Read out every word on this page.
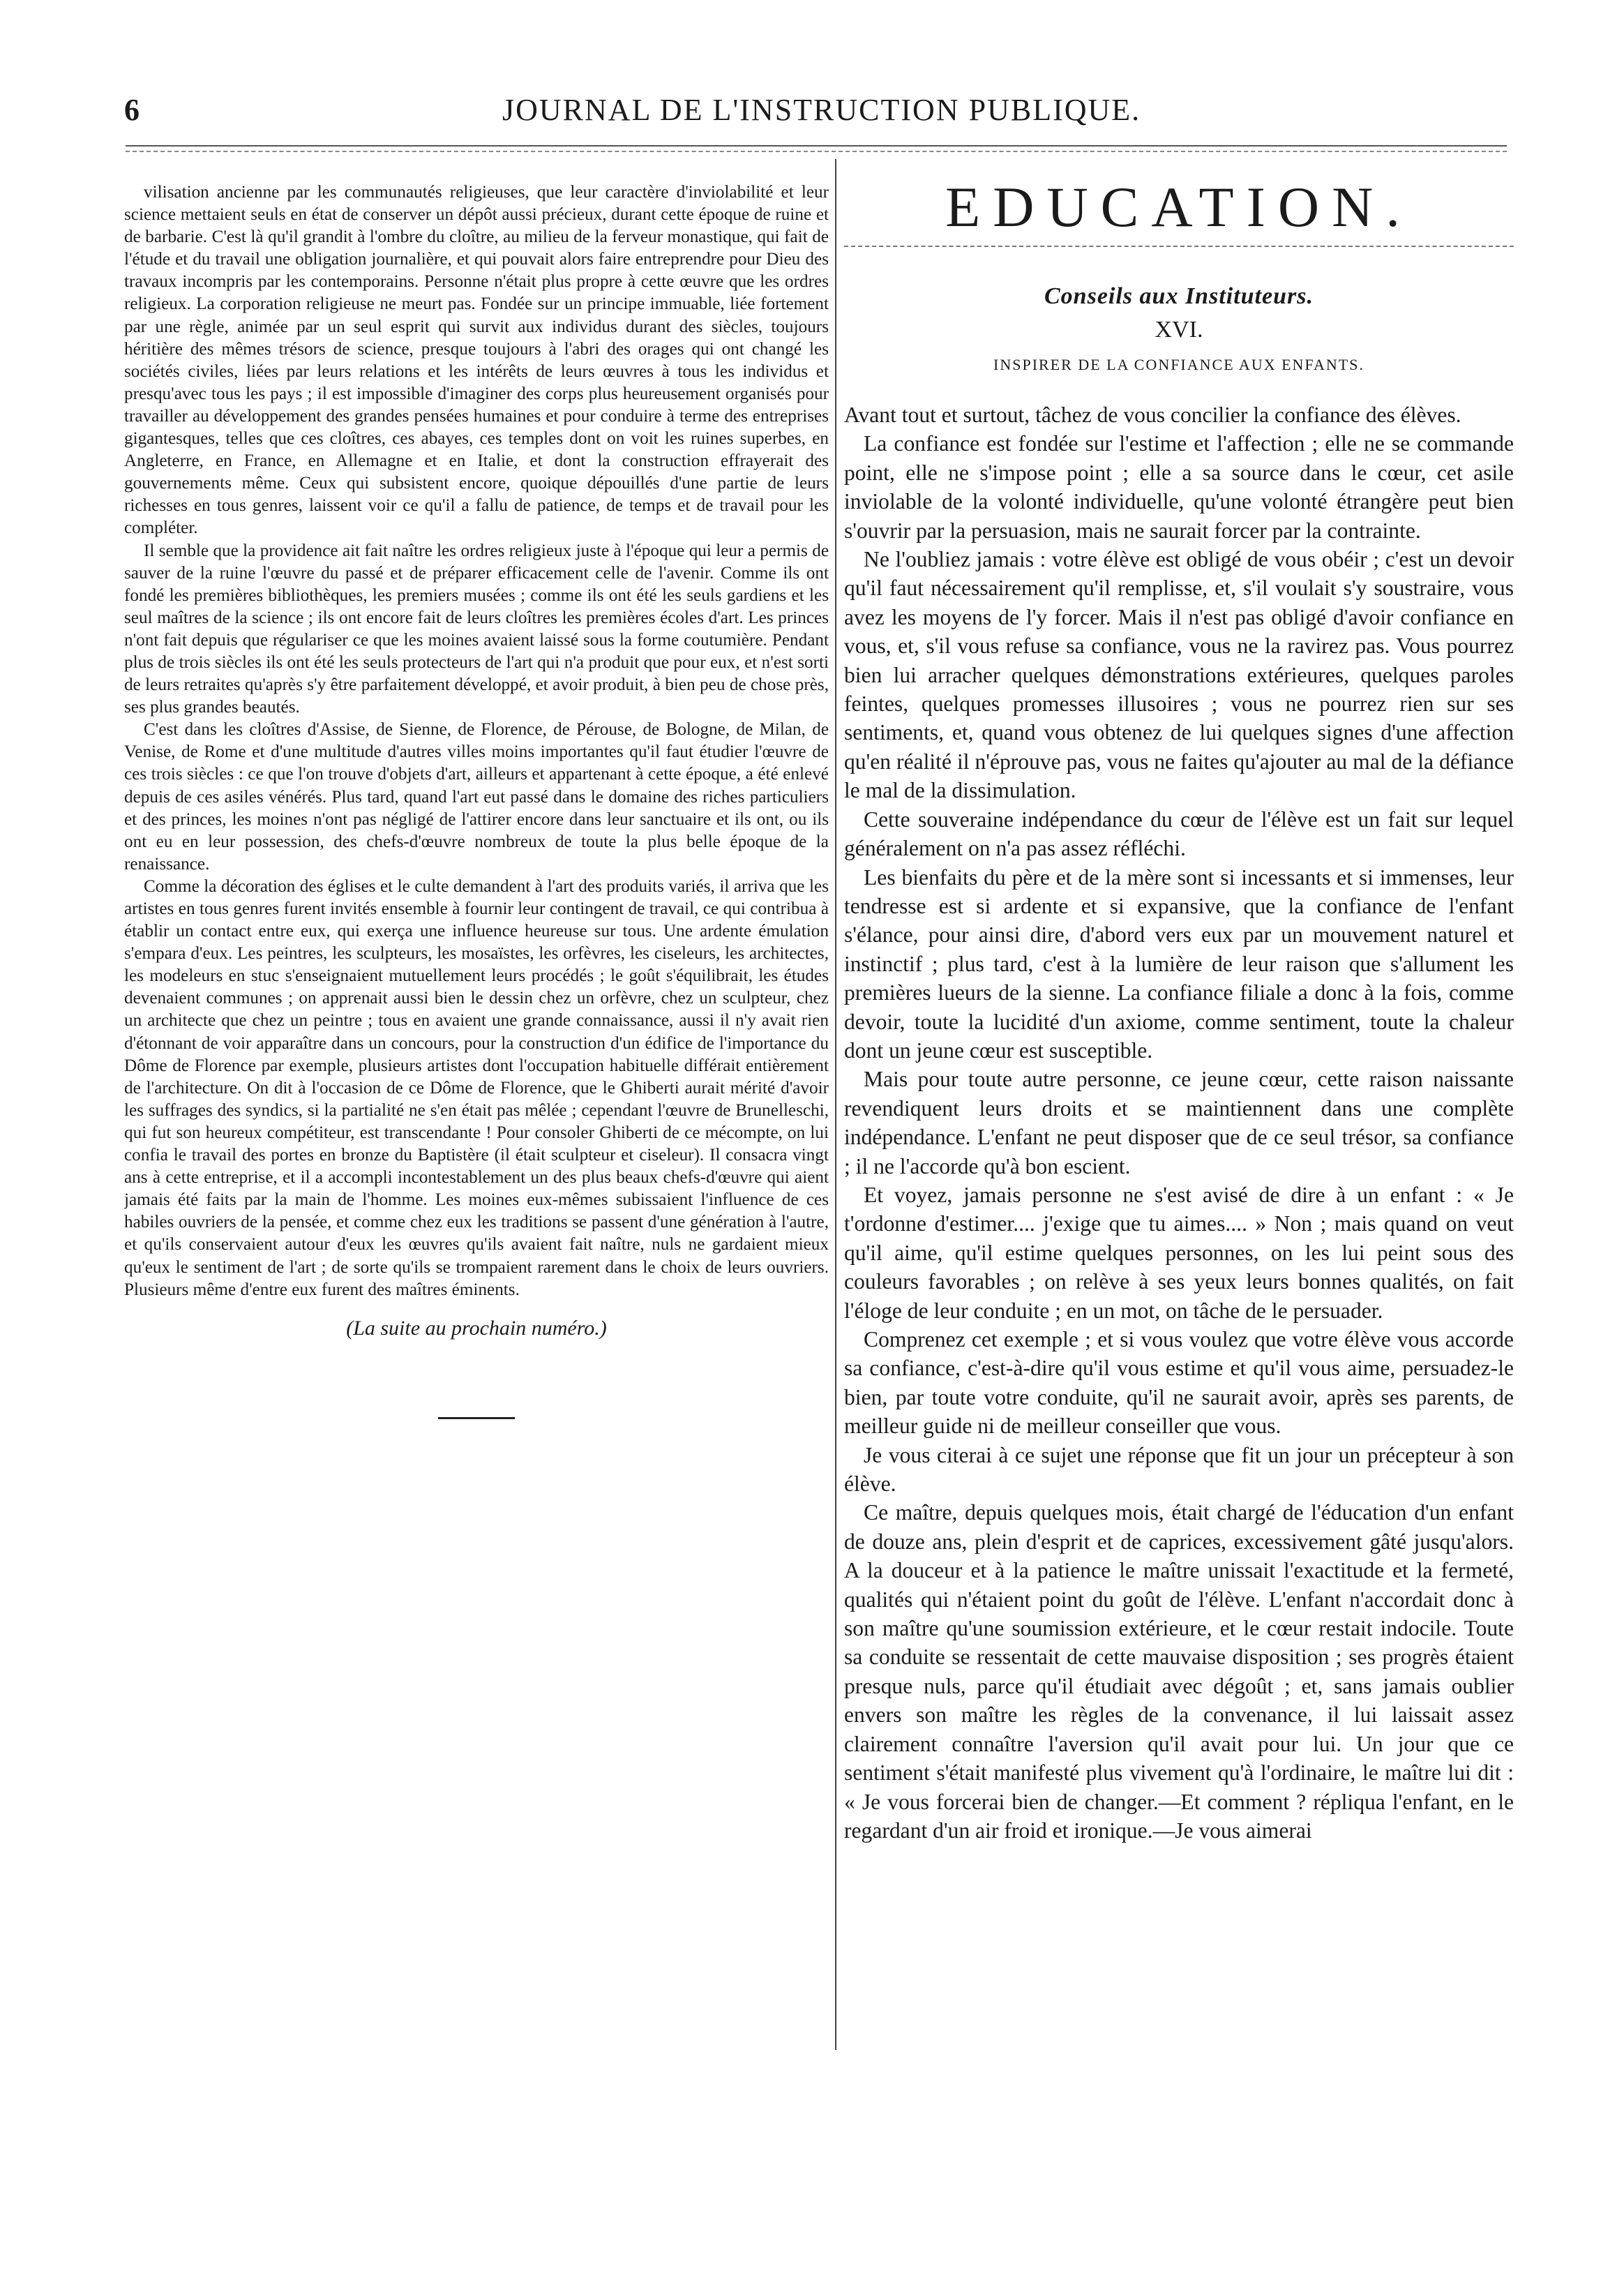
6	JOURNAL DE L'INSTRUCTION PUBLIQUE.

vilisation ancienne par les communautés religieuses, que leur caractère d'inviolabilité et leur science mettaient seuls en état de conserver un dépôt aussi précieux, durant cette époque de ruine et de barbarie. C'est là qu'il grandit à l'ombre du cloître, au milieu de la ferveur monastique, qui fait de l'étude et du travail une obligation journalière, et qui pouvait alors faire entreprendre pour Dieu des travaux incompris par les contemporains. Personne n'était plus propre à cette œuvre que les ordres religieux. La corporation religieuse ne meurt pas. Fondée sur un principe immuable, liée fortement par une règle, animée par un seul esprit qui survit aux individus durant des siècles, toujours héritière des mêmes trésors de science, presque toujours à l'abri des orages qui ont changé les sociétés civiles, liées par leurs relations et les intérêts de leurs œuvres à tous les individus et presqu'avec tous les pays ; il est impossible d'imaginer des corps plus heureusement organisés pour travailler au développement des grandes pensées humaines et pour conduire à terme des entreprises gigantesques, telles que ces cloîtres, ces abayes, ces temples dont on voit les ruines superbes, en Angleterre, en France, en Allemagne et en Italie, et dont la construction effrayerait des gouvernements même. Ceux qui subsistent encore, quoique dépouillés d'une partie de leurs richesses en tous genres, laissent voir ce qu'il a fallu de patience, de temps et de travail pour les compléter.

Il semble que la providence ait fait naître les ordres religieux juste à l'époque qui leur a permis de sauver de la ruine l'œuvre du passé et de préparer efficacement celle de l'avenir. Comme ils ont fondé les premières bibliothèques, les premiers musées ; comme ils ont été les seuls gardiens et les seul maîtres de la science ; ils ont encore fait de leurs cloîtres les premières écoles d'art. Les princes n'ont fait depuis que régulariser ce que les moines avaient laissé sous la forme coutumière. Pendant plus de trois siècles ils ont été les seuls protecteurs de l'art qui n'a produit que pour eux, et n'est sorti de leurs retraites qu'après s'y être parfaitement développé, et avoir produit, à bien peu de chose près, ses plus grandes beautés.

C'est dans les cloîtres d'Assise, de Sienne, de Florence, de Pérouse, de Bologne, de Milan, de Venise, de Rome et d'une multitude d'autres villes moins importantes qu'il faut étudier l'œuvre de ces trois siècles : ce que l'on trouve d'objets d'art, ailleurs et appartenant à cette époque, a été enlevé depuis de ces asiles vénérés. Plus tard, quand l'art eut passé dans le domaine des riches particuliers et des princes, les moines n'ont pas négligé de l'attirer encore dans leur sanctuaire et ils ont, ou ils ont eu en leur possession, des chefs-d'œuvre nombreux de toute la plus belle époque de la renaissance.

Comme la décoration des églises et le culte demandent à l'art des produits variés, il arriva que les artistes en tous genres furent invités ensemble à fournir leur contingent de travail, ce qui contribua à établir un contact entre eux, qui exerça une influence heureuse sur tous. Une ardente émulation s'empara d'eux. Les peintres, les sculpteurs, les mosaïstes, les orfèvres, les ciseleurs, les architectes, les modeleurs en stuc s'enseignaient mutuellement leurs procédés ; le goût s'équilibrait, les études devenaient communes ; on apprenait aussi bien le dessin chez un orfèvre, chez un sculpteur, chez un architecte que chez un peintre ; tous en avaient une grande connaissance, aussi il n'y avait rien d'étonnant de voir apparaître dans un concours, pour la construction d'un édifice de l'importance du Dôme de Florence par exemple, plusieurs artistes dont l'occupation habituelle différait entièrement de l'architecture. On dit à l'occasion de ce Dôme de Florence, que le Ghiberti aurait mérité d'avoir les suffrages des syndics, si la partialité ne s'en était pas mêlée ; cependant l'œuvre de Brunelleschi, qui fut son heureux compétiteur, est transcendante ! Pour consoler Ghiberti de ce mécompte, on lui confia le travail des portes en bronze du Baptistère (il était sculpteur et ciseleur). Il consacra vingt ans à cette entreprise, et il a accompli incontestablement un des plus beaux chefs-d'œuvre qui aient jamais été faits par la main de l'homme. Les moines eux-mêmes subissaient l'influence de ces habiles ouvriers de la pensée, et comme chez eux les traditions se passent d'une génération à l'autre, et qu'ils conservaient autour d'eux les œuvres qu'ils avaient fait naître, nuls ne gardaient mieux qu'eux le sentiment de l'art ; de sorte qu'ils se trompaient rarement dans le choix de leurs ouvriers. Plusieurs même d'entre eux furent des maîtres éminents.

(La suite au prochain numéro.)
EDUCATION.
Conseils aux Instituteurs.
XVI.
INSPIRER DE LA CONFIANCE AUX ENFANTS.

Avant tout et surtout, tâchez de vous concilier la confiance des élèves.

La confiance est fondée sur l'estime et l'affection ; elle ne se commande point, elle ne s'impose point ; elle a sa source dans le cœur, cet asile inviolable de la volonté individuelle, qu'une volonté étrangère peut bien s'ouvrir par la persuasion, mais ne saurait forcer par la contrainte.

Ne l'oubliez jamais : votre élève est obligé de vous obéir ; c'est un devoir qu'il faut nécessairement qu'il remplisse, et, s'il voulait s'y soustraire, vous avez les moyens de l'y forcer. Mais il n'est pas obligé d'avoir confiance en vous, et, s'il vous refuse sa confiance, vous ne la ravirez pas. Vous pourrez bien lui arracher quelques démonstrations extérieures, quelques paroles feintes, quelques promesses illusoires ; vous ne pourrez rien sur ses sentiments, et, quand vous obtenez de lui quelques signes d'une affection qu'en réalité il n'éprouve pas, vous ne faites qu'ajouter au mal de la défiance le mal de la dissimulation.

Cette souveraine indépendance du cœur de l'élève est un fait sur lequel généralement on n'a pas assez réfléchi.

Les bienfaits du père et de la mère sont si incessants et si immenses, leur tendresse est si ardente et si expansive, que la confiance de l'enfant s'élance, pour ainsi dire, d'abord vers eux par un mouvement naturel et instinctif ; plus tard, c'est à la lumière de leur raison que s'allument les premières lueurs de la sienne. La confiance filiale a donc à la fois, comme devoir, toute la lucidité d'un axiome, comme sentiment, toute la chaleur dont un jeune cœur est susceptible.

Mais pour toute autre personne, ce jeune cœur, cette raison naissante revendiquent leurs droits et se maintiennent dans une complète indépendance. L'enfant ne peut disposer que de ce seul trésor, sa confiance ; il ne l'accorde qu'à bon escient.

Et voyez, jamais personne ne s'est avisé de dire à un enfant : « Je t'ordonne d'estimer.... j'exige que tu aimes.... » Non ; mais quand on veut qu'il aime, qu'il estime quelques personnes, on les lui peint sous des couleurs favorables ; on relève à ses yeux leurs bonnes qualités, on fait l'éloge de leur conduite ; en un mot, on tâche de le persuader.

Comprenez cet exemple ; et si vous voulez que votre élève vous accorde sa confiance, c'est-à-dire qu'il vous estime et qu'il vous aime, persuadez-le bien, par toute votre conduite, qu'il ne saurait avoir, après ses parents, de meilleur guide ni de meilleur conseiller que vous.

Je vous citerai à ce sujet une réponse que fit un jour un précepteur à son élève.

Ce maître, depuis quelques mois, était chargé de l'éducation d'un enfant de douze ans, plein d'esprit et de caprices, excessivement gâté jusqu'alors. A la douceur et à la patience le maître unissait l'exactitude et la fermeté, qualités qui n'étaient point du goût de l'élève. L'enfant n'accordait donc à son maître qu'une soumission extérieure, et le cœur restait indocile. Toute sa conduite se ressentait de cette mauvaise disposition ; ses progrès étaient presque nuls, parce qu'il étudiait avec dégoût ; et, sans jamais oublier envers son maître les règles de la convenance, il lui laissait assez clairement connaître l'aversion qu'il avait pour lui. Un jour que ce sentiment s'était manifesté plus vivement qu'à l'ordinaire, le maître lui dit : « Je vous forcerai bien de changer.—Et comment ? répliqua l'enfant, en le regardant d'un air froid et ironique.—Je vous aimerai
